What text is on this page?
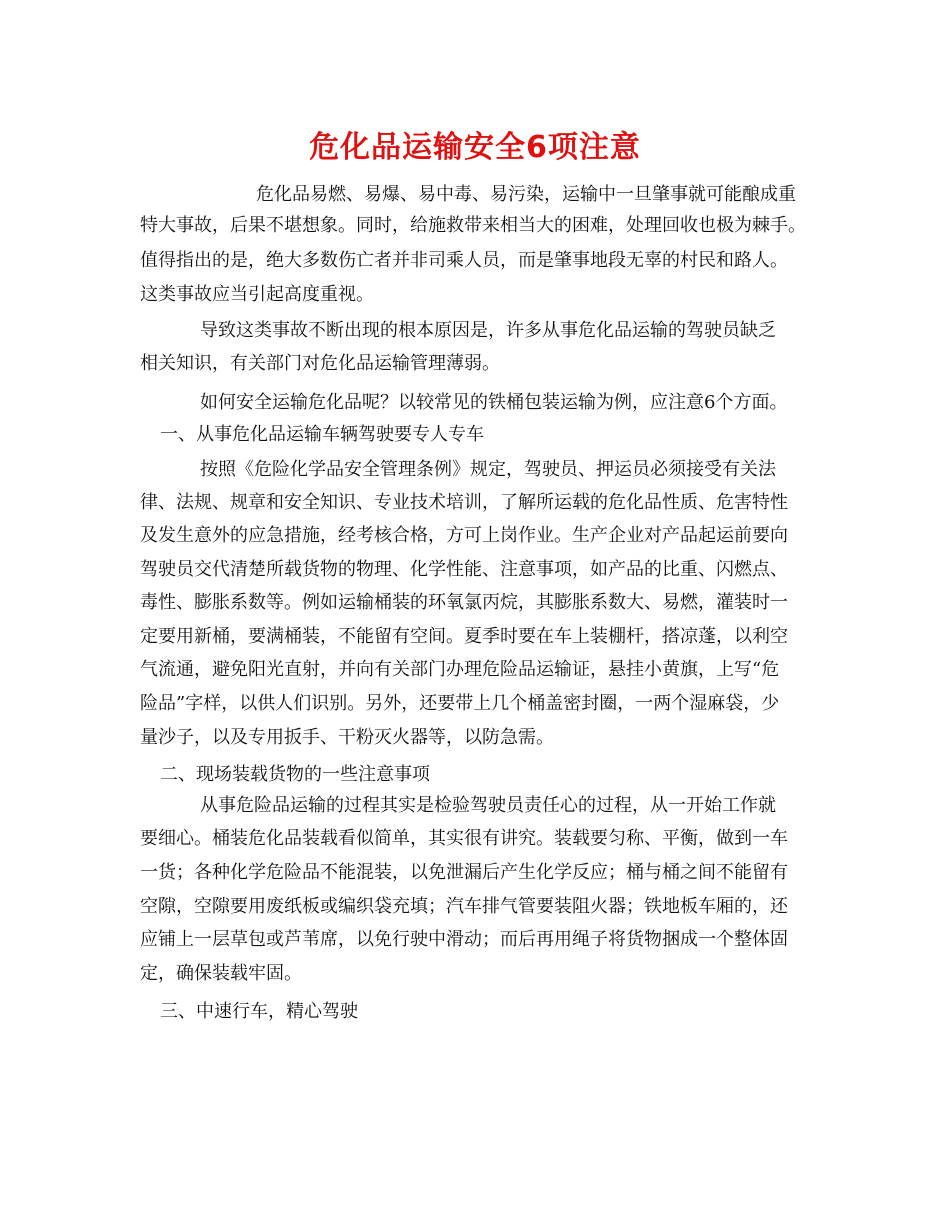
危化品运输安全6项注意
危化品易燃、易爆、易中毒、易污染，运输中一旦肇事就可能酿成重
特大事故，后果不堪想象。同时，给施救带来相当大的困难，处理回收也极为棘手。
值得指出的是，绝大多数伤亡者并非司乘人员，而是肇事地段无辜的村民和路人。
这类事故应当引起高度重视。
导致这类事故不断出现的根本原因是，许多从事危化品运输的驾驶员缺乏
相关知识，有关部门对危化品运输管理薄弱。
如何安全运输危化品呢？以较常见的铁桶包装运输为例，应注意6个方面。
一、从事危化品运输车辆驾驶要专人专车
按照《危险化学品安全管理条例》规定，驾驶员、押运员必须接受有关法
律、法规、规章和安全知识、专业技术培训，了解所运载的危化品性质、危害特性
及发生意外的应急措施，经考核合格，方可上岗作业。生产企业对产品起运前要向
驾驶员交代清楚所载货物的物理、化学性能、注意事项，如产品的比重、闪燃点、
毒性、膨胀系数等。例如运输桶装的环氧氯丙烷，其膨胀系数大、易燃，灌装时一
定要用新桶，要满桶装，不能留有空间。夏季时要在车上装棚杆，搭凉蓬，以利空
气流通，避免阳光直射，并向有关部门办理危险品运输证，悬挂小黄旗，上写“危
险品”字样，以供人们识别。另外，还要带上几个桶盖密封圈，一两个湿麻袋，少
量沙子，以及专用扳手、干粉灭火器等，以防急需。
二、现场装载货物的一些注意事项
从事危险品运输的过程其实是检验驾驶员责任心的过程，从一开始工作就
要细心。桶装危化品装载看似简单，其实很有讲究。装载要匀称、平衡，做到一车
一货；各种化学危险品不能混装，以免泄漏后产生化学反应；桶与桶之间不能留有
空隙，空隙要用废纸板或编织袋充填；汽车排气管要装阻火器；铁地板车厢的，还
应铺上一层草包或芦苇席，以免行驶中滑动；而后再用绳子将货物捆成一个整体固
定，确保装载牢固。
三、中速行车，精心驾驶
